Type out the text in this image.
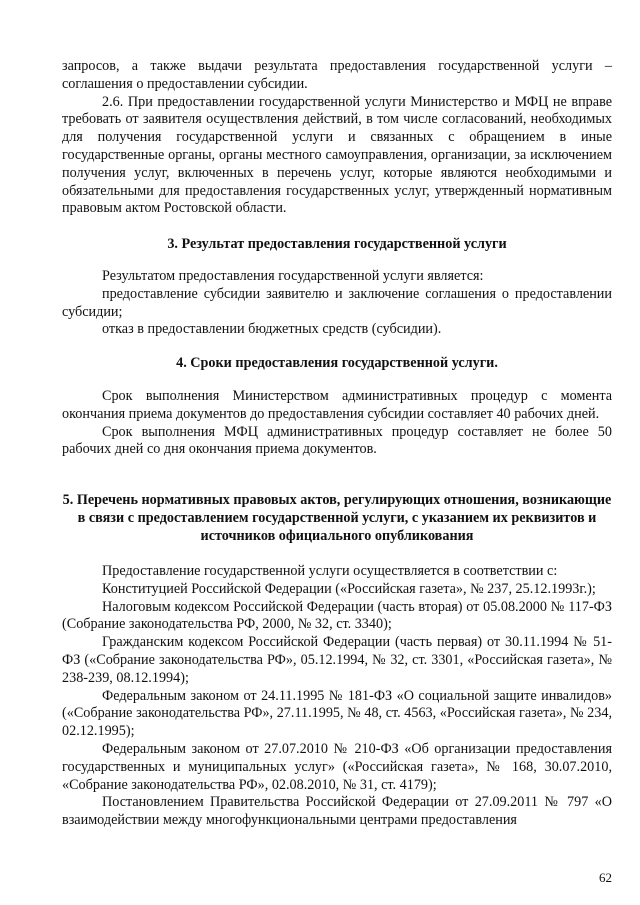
запросов, а также выдачи результата предоставления государственной услуги – соглашения о предоставлении субсидии.

2.6. При предоставлении государственной услуги Министерство и МФЦ не вправе требовать от заявителя осуществления действий, в том числе согласований, необходимых для получения государственной услуги и связанных с обращением в иные государственные органы, органы местного самоуправления, организации, за исключением получения услуг, включенных в перечень услуг, которые являются необходимыми и обязательными для предоставления государственных услуг, утвержденный нормативным правовым актом Ростовской области.

3. Результат предоставления государственной услуги

Результатом предоставления государственной услуги является:

предоставление субсидии заявителю и заключение соглашения о предоставлении субсидии;

отказ в предоставлении бюджетных средств (субсидии).

4. Сроки предоставления государственной услуги.

Срок выполнения Министерством административных процедур с момента окончания приема документов до предоставления субсидии составляет 40 рабочих дней.

Срок выполнения МФЦ административных процедур составляет не более 50 рабочих дней со дня окончания приема документов.

5. Перечень нормативных правовых актов, регулирующих отношения, возникающие в связи с предоставлением государственной услуги, с указанием их реквизитов и источников официального опубликования

Предоставление государственной услуги осуществляется в соответствии с:

Конституцией Российской Федерации («Российская газета», № 237, 25.12.1993г.);

Налоговым кодексом Российской Федерации (часть вторая) от 05.08.2000 № 117-ФЗ (Собрание законодательства РФ, 2000, № 32, ст. 3340);

Гражданским кодексом Российской Федерации (часть первая) от 30.11.1994 № 51-ФЗ («Собрание законодательства РФ», 05.12.1994, № 32, ст. 3301, «Российская газета», № 238-239, 08.12.1994);

Федеральным законом от 24.11.1995 № 181-ФЗ «О социальной защите инвалидов» («Собрание законодательства РФ», 27.11.1995, № 48, ст. 4563, «Российская газета», № 234, 02.12.1995);

Федеральным законом от 27.07.2010 № 210-ФЗ «Об организации предоставления государственных и муниципальных услуг» («Российская газета», № 168, 30.07.2010, «Собрание законодательства РФ», 02.08.2010, № 31, ст. 4179);

Постановлением Правительства Российской Федерации от 27.09.2011 № 797 «О взаимодействии между многофункциональными центрами предоставления

62
